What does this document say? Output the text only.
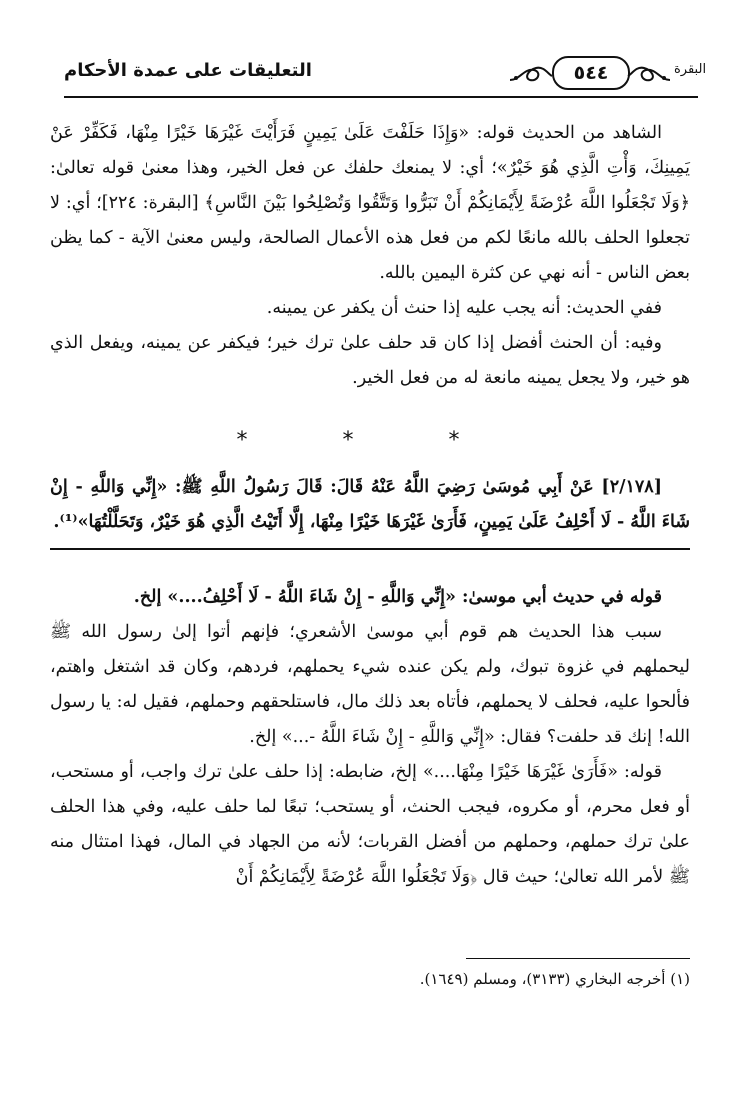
التعليقات على عمدة الأحكام	٥٤٤	البقرة

الشاهد من الحديث قوله: «وَإِذَا حَلَفْتَ عَلَىٰ يَمِينٍ فَرَأَيْتَ غَيْرَهَا خَيْرًا مِنْهَا، فَكَفِّرْ عَنْ يَمِينِكَ، وَأْتِ الَّذِي هُوَ خَيْرٌ»؛ أي: لا يمنعك حلفك عن فعل الخير، وهذا معنىٰ قوله تعالىٰ: ﴿وَلَا تَجْعَلُوا اللَّهَ عُرْضَةً لِأَيْمَانِكُمْ أَنْ تَبَرُّوا وَتَتَّقُوا وَتُصْلِحُوا بَيْنَ النَّاسِ﴾ [البقرة: ٢٢٤]؛ أي: لا تجعلوا الحلف بالله مانعًا لكم من فعل هذه الأعمال الصالحة، وليس معنىٰ الآية - كما يظن بعض الناس - أنه نهي عن كثرة اليمين بالله.

ففي الحديث: أنه يجب عليه إذا حنث أن يكفر عن يمينه.

وفيه: أن الحنث أفضل إذا كان قد حلف علىٰ ترك خير؛ فيكفر عن يمينه، ويفعل الذي هو خير، ولا يجعل يمينه مانعة له من فعل الخير.

* * *

[٢/١٧٨] عَنْ أَبِي مُوسَىٰ رَضِيَ اللَّهُ عَنْهُ قَالَ: قَالَ رَسُولُ اللَّهِ ﷺ: «إِنِّي وَاللَّهِ - إِنْ شَاءَ اللَّهُ - لَا أَحْلِفُ عَلَىٰ يَمِينٍ، فَأَرَىٰ غَيْرَهَا خَيْرًا مِنْهَا، إِلَّا أَتَيْتُ الَّذِي هُوَ خَيْرٌ، وَتَحَلَّلْتُهَا»⁽¹⁾.

قوله في حديث أبي موسىٰ: «إِنِّي وَاللَّهِ - إِنْ شَاءَ اللَّهُ - لَا أَحْلِفُ....» إلخ.

سبب هذا الحديث هم قوم أبي موسىٰ الأشعري؛ فإنهم أتوا إلىٰ رسول الله ﷺ ليحملهم في غزوة تبوك، ولم يكن عنده شيء يحملهم، فردهم، وكان قد اشتغل واهتم، فألحوا عليه، فحلف لا يحملهم، فأتاه بعد ذلك مال، فاستلحقهم وحملهم، فقيل له: يا رسول الله! إنك قد حلفت؟ فقال: «إِنِّي وَاللَّهِ - إِنْ شَاءَ اللَّهُ -...» إلخ.

قوله: «فَأَرَىٰ غَيْرَهَا خَيْرًا مِنْهَا....» إلخ، ضابطه: إذا حلف علىٰ ترك واجب، أو مستحب، أو فعل محرم، أو مكروه، فيجب الحنث، أو يستحب؛ تبعًا لما حلف عليه، وفي هذا الحلف علىٰ ترك حملهم، وحملهم من أفضل القربات؛ لأنه من الجهاد في المال، فهذا امتثال منه ﷺ لأمر الله تعالىٰ؛ حيث قال ﴿وَلَا تَجْعَلُوا اللَّهَ عُرْضَةً لِأَيْمَانِكُمْ أَنْ

(١) أخرجه البخاري (٣١٣٣)، ومسلم (١٦٤٩).
